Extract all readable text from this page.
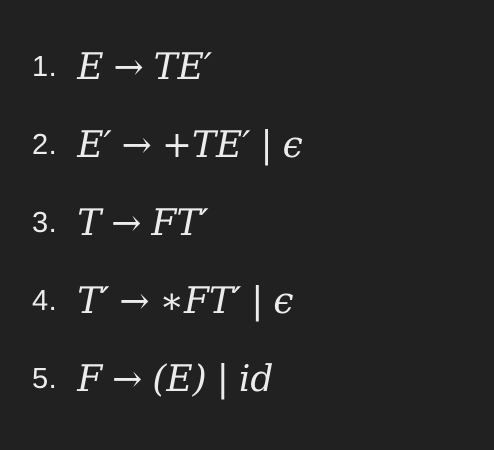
1. E → TE′
2. E′ → +TE′ | ϵ
3. T → FT′
4. T′ → ∗FT′ | ϵ
5. F → (E) | id
